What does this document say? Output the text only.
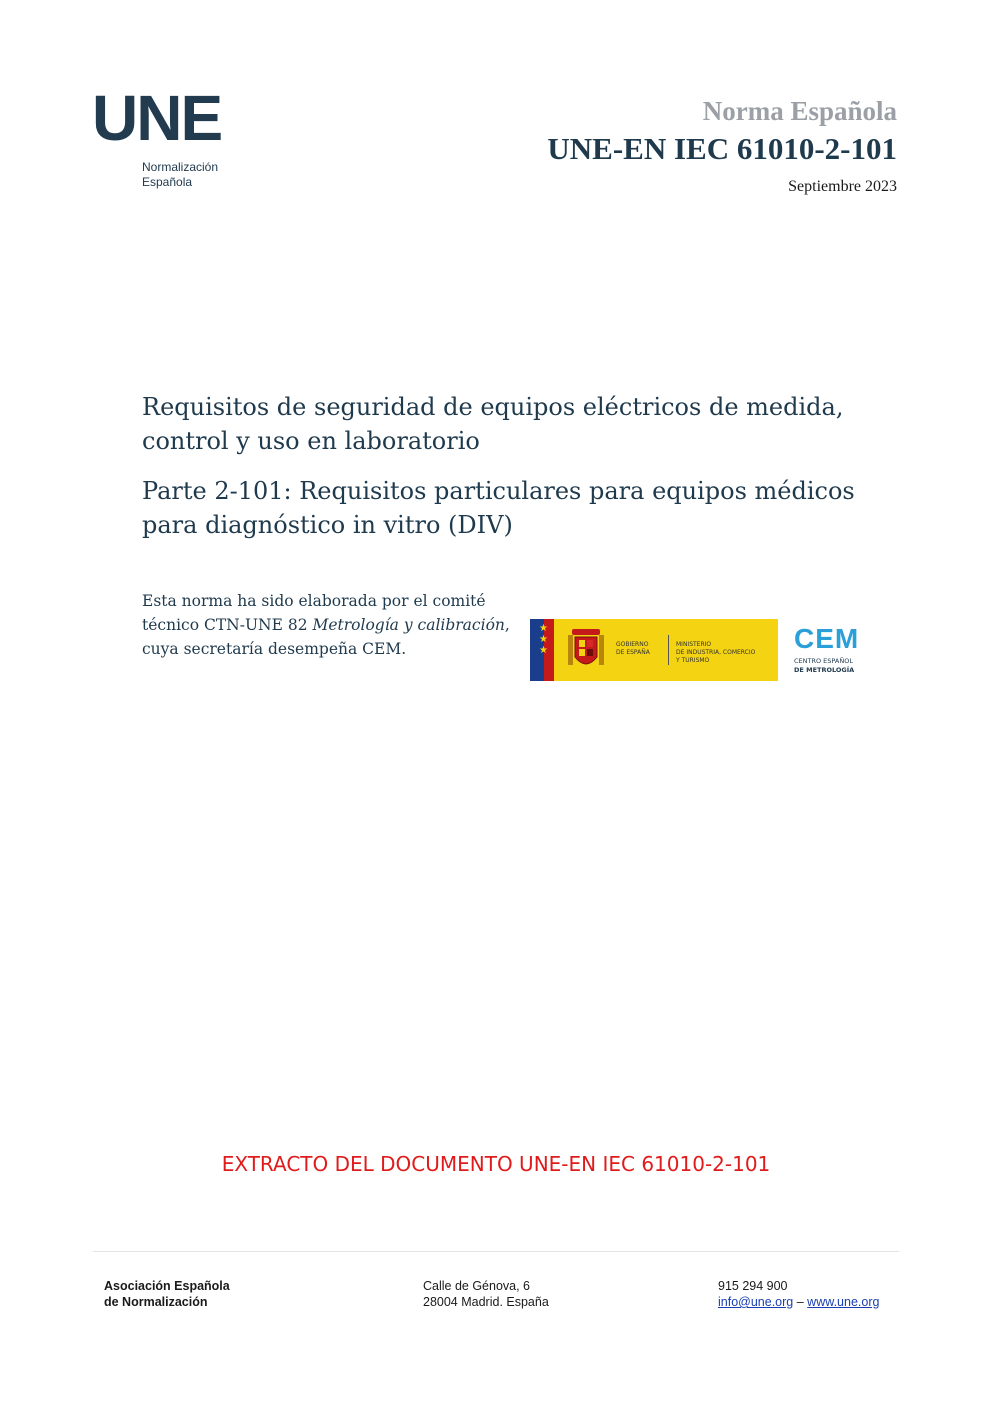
UNE
Normalización
Española
Norma Española
UNE-EN IEC 61010-2-101
Septiembre 2023
Requisitos de seguridad de equipos eléctricos de medida, control y uso en laboratorio
Parte 2-101: Requisitos particulares para equipos médicos para diagnóstico in vitro (DIV)
Esta norma ha sido elaborada por el comité técnico CTN-UNE 82 Metrología y calibración, cuya secretaría desempeña CEM.	★★★	GOBIERNO
DE ESPAÑA
MINISTERIO
DE INDUSTRIA, COMERCIO
Y TURISMO
CEM
CENTRO ESPAÑOL
DE METROLOGÍA
EXTRACTO DEL DOCUMENTO UNE-EN IEC 61010-2-101
Asociación Española
de Normalización
Calle de Génova, 6
28004 Madrid. España
915 294 900
info@une.org – www.une.org
